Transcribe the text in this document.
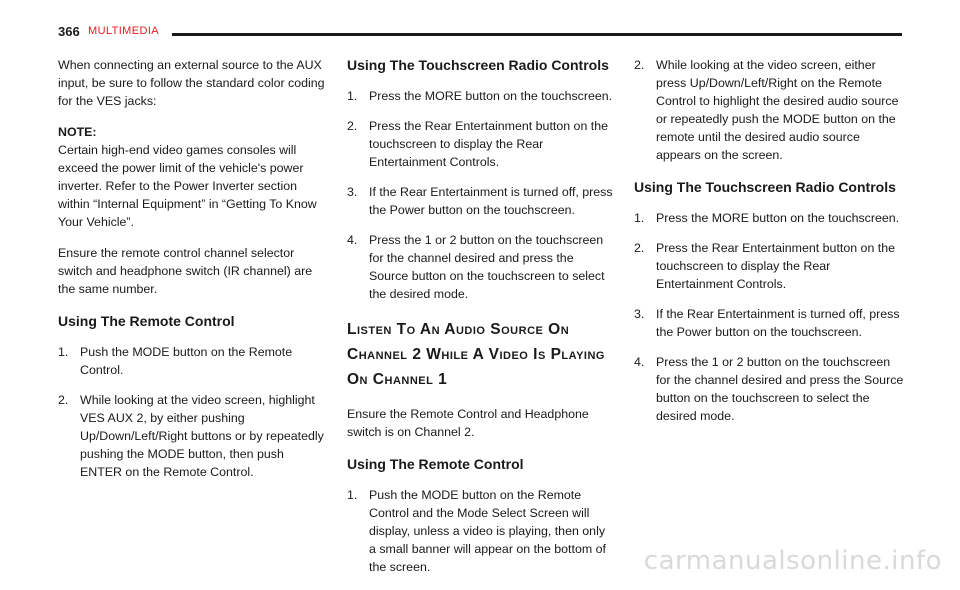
366 MULTIMEDIA

When connecting an external source to the AUX input, be sure to follow the standard color coding for the VES jacks:

NOTE:

Certain high-end video games consoles will exceed the power limit of the vehicle's power inverter. Refer to the Power Inverter section within “Internal Equipment” in “Getting To Know Your Vehicle”.

Ensure the remote control channel selector switch and headphone switch (IR channel) are the same number.

Using The Remote Control
1. Push the MODE button on the Remote Control.
2. While looking at the video screen, highlight VES AUX 2, by either pushing Up/Down/Left/Right buttons or by repeatedly pushing the MODE button, then push ENTER on the Remote Control.
Using The Touchscreen Radio Controls
1. Press the MORE button on the touchscreen.
2. Press the Rear Entertainment button on the touchscreen to display the Rear Entertainment Controls.
3. If the Rear Entertainment is turned off, press the Power button on the touchscreen.
4. Press the 1 or 2 button on the touchscreen for the channel desired and press the Source button on the touchscreen to select the desired mode.
Listen To An Audio Source On Channel 2 While A Video Is Playing On Channel 1

Ensure the Remote Control and Headphone switch is on Channel 2.

Using The Remote Control
1. Push the MODE button on the Remote Control and the Mode Select Screen will display, unless a video is playing, then only a small banner will appear on the bottom of the screen.
2. While looking at the video screen, either press Up/Down/Left/Right on the Remote Control to highlight the desired audio source or repeatedly push the MODE button on the remote until the desired audio source appears on the screen.
Using The Touchscreen Radio Controls
1. Press the MORE button on the touchscreen.
2. Press the Rear Entertainment button on the touchscreen to display the Rear Entertainment Controls.
3. If the Rear Entertainment is turned off, press the Power button on the touchscreen.
4. Press the 1 or 2 button on the touchscreen for the channel desired and press the Source button on the touchscreen to select the desired mode.
carmanualsonline.info
